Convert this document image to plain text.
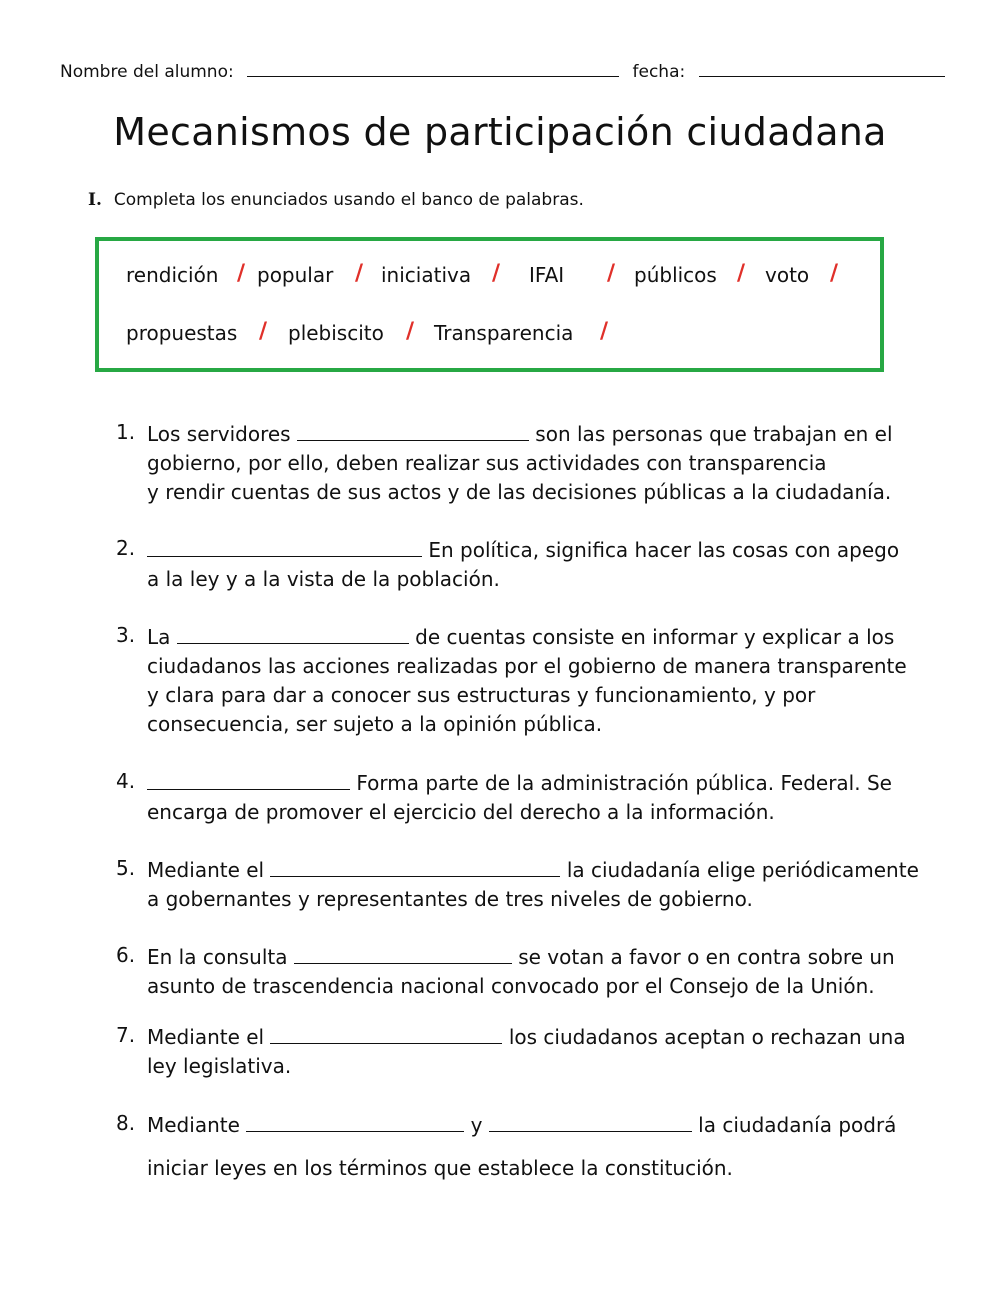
Nombre del alumno:	fecha:
Mecanismos de participación ciudadana
I. Completa los enunciados usando el banco de palabras.
rendición / popular / iniciativa / IFAI / públicos / voto /
propuestas / plebiscito / Transparencia /
1. Los servidores	son las personas que trabajan en el
gobierno, por ello, deben realizar sus actividades con transparencia
y rendir cuentas de sus actos y de las decisiones públicas a la ciudadanía.
2.	En política, significa hacer las cosas con apego
a la ley y a la vista de la población.
3. La	de cuentas consiste en informar y explicar a los
ciudadanos las acciones realizadas por el gobierno de manera transparente
y clara para dar a conocer sus estructuras y funcionamiento, y por
consecuencia, ser sujeto a la opinión pública.
4.	Forma parte de la administración pública. Federal. Se
encarga de promover el ejercicio del derecho a la información.
5. Mediante el	la ciudadanía elige periódicamente
a gobernantes y representantes de tres niveles de gobierno.
6. En la consulta	se votan a favor o en contra sobre un
asunto de trascendencia nacional convocado por el Consejo de la Unión.
7. Mediante el	los ciudadanos aceptan o rechazan una
ley legislativa.
8. Mediante	y	la ciudadanía podrá
iniciar leyes en los términos que establece la constitución.
